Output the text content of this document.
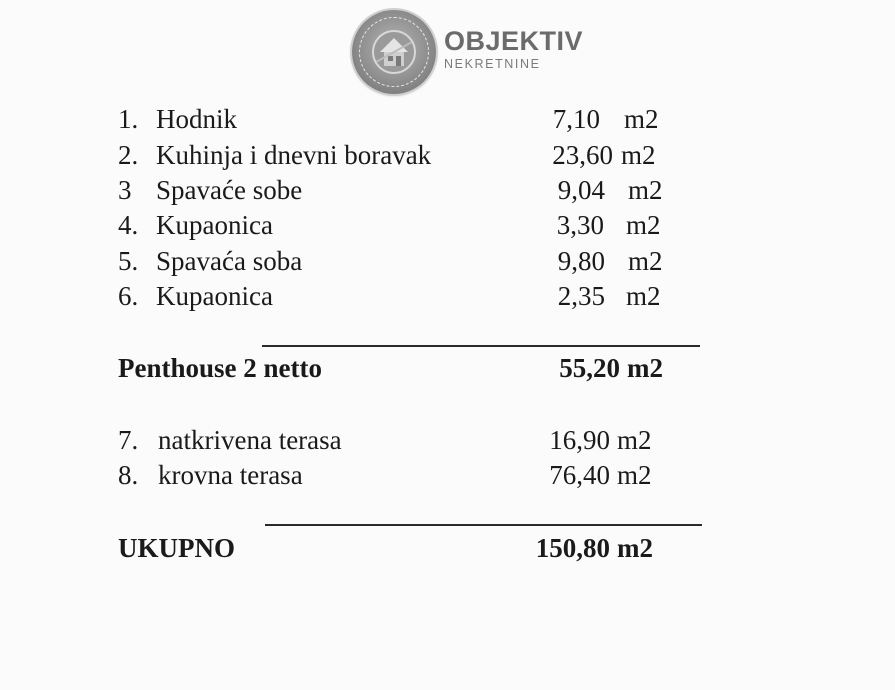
OBJEKTIV
NEKRETNINE
1. Hodnik	7,10 m2
2. Kuhinja i dnevni boravak	23,60 m2
3 Spavaće sobe	9,04 m2
4. Kupaonica	3,30 m2
5. Spavaća soba	9,80 m2
6. Kupaonica	2,35 m2
Penthouse 2 netto	55,20 m2
7. natkrivena terasa	16,90 m2
8. krovna terasa	76,40 m2
UKUPNO	150,80 m2
